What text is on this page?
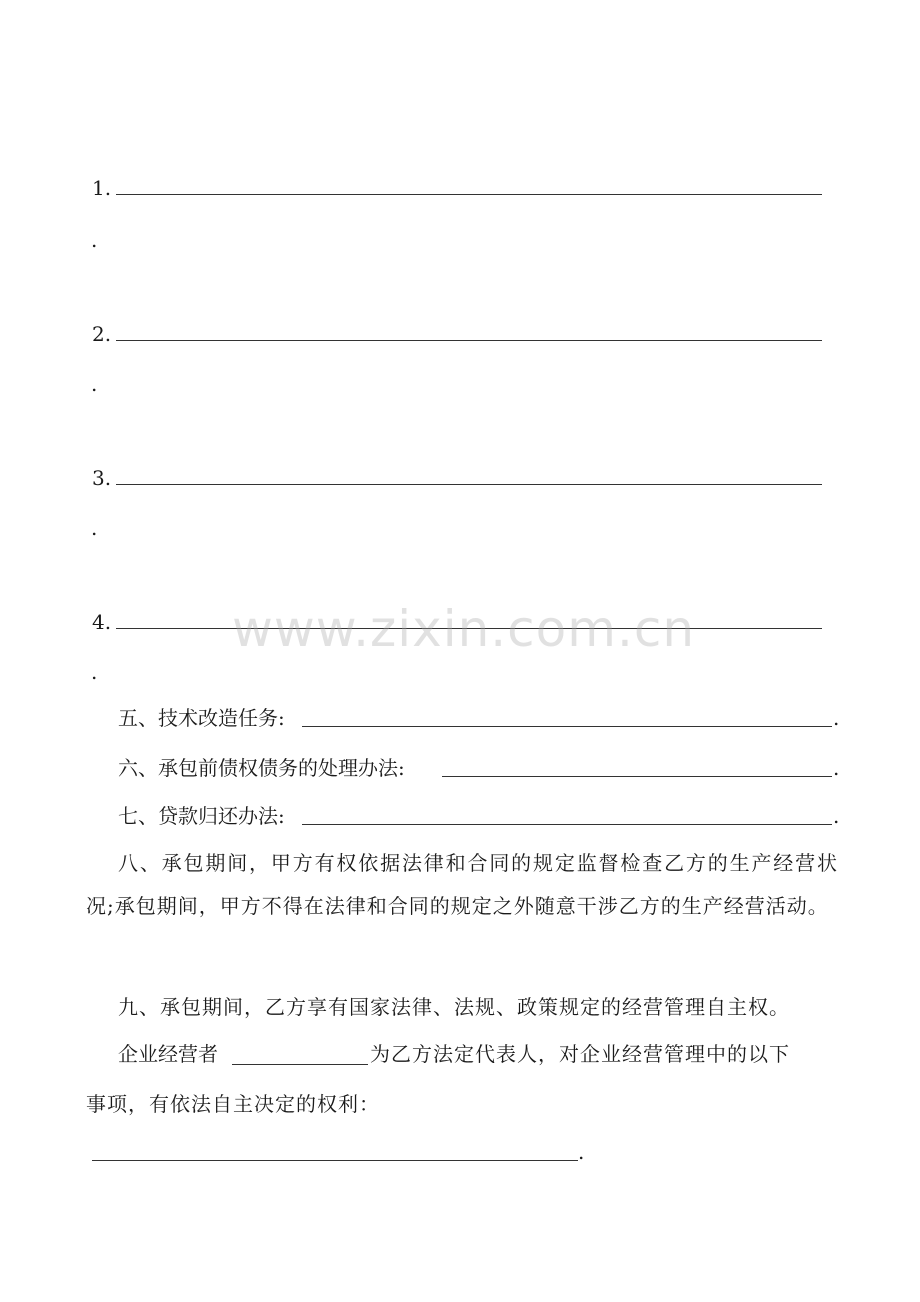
1.
.
2.
.
3.
.
4.
.
www.zixin.com.cn
五、技术改造任务:	.
六、承包前债权债务的处理办法:	.
七、贷款归还办法:	.
八、承包期间，甲方有权依据法律和合同的规定监督检查乙方的生产经营状况;承包期间，甲方不得在法律和合同的规定之外随意干涉乙方的生产经营活动。
九、承包期间，乙方享有国家法律、法规、政策规定的经营管理自主权。
企业经营者	为乙方法定代表人，对企业经营管理中的以下
事项，有依法自主决定的权利：
.
